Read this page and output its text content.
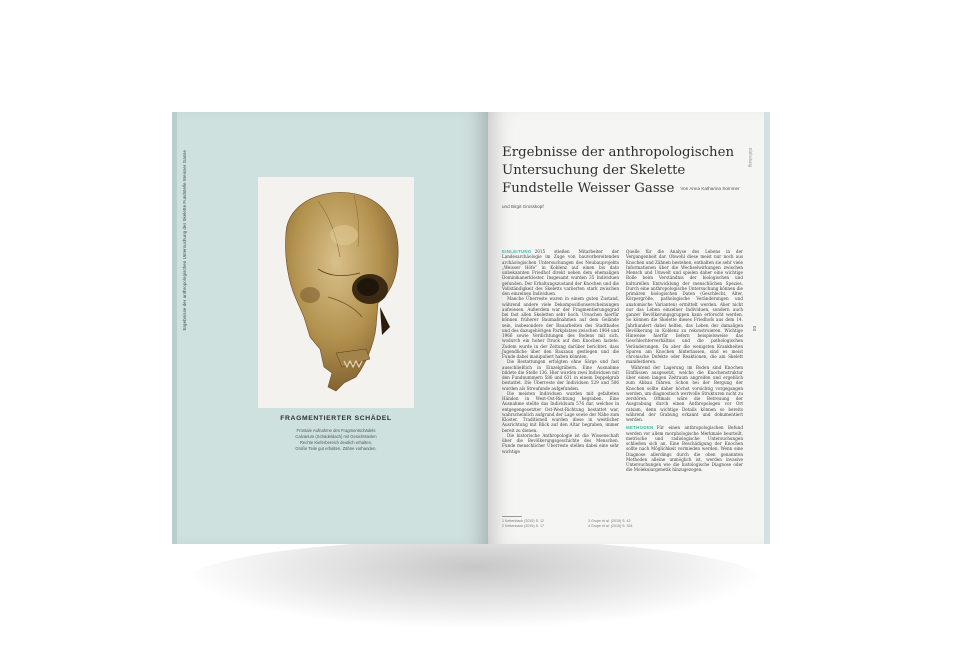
Ergebnisse der anthropologischen Untersuchung der Skelette Fundstelle Weisser Gasse
FRAGMENTIERTER SCHÄDEL
Frontale Aufnahme des Fragmentschädels
Calvarium (Schädeldach) mit Gesichtsteilen
Rechte Kieferbereich deutlich erhalten,
Große Teile gut erhalten, Zähne vorhanden.
Ergebnisse der anthropologischen Untersuchung der Skelette Fundstelle Weisser Gasse Von Anna Katharina Sommer und Birgit Grosskopf
Einleitung
03

EINLEITUNG 2015 stießen Mitarbeiter der Landesarchäologie im Zuge von bauvorbereitenden archäologischen Untersuchungen des Neubauprojekts „Weisser Höfe“ in Koblenz auf einen bis dato unbekannten Friedhof direkt neben dem ehemaligen Dominikanerkloster. Insgesamt wurden 35 Individuen gefunden. Der Erhaltungszustand der Knochen und die Vollständigkeit des Skeletts variierten stark zwischen den einzelnen Individuen.

Manche Überreste waren in einem guten Zustand, während andere viele Dekompositionserscheinungen aufwiesen. Außerdem war der Fragmentierungsgrad bei fast allen Skeletten sehr hoch. Ursachen hierfür können früherer Baumaßnahmen auf dem Gelände sein, insbesondere der Bauarbeiten des Stadtbades und des dazugehörigen Parkplatzes zwischen 1964 und 1966 sowie Verdichtungen des Bodens mit sich, wodurch ein hoher Druck auf den Knochen lastete. Zudem wurde in der Zeitung darüber berichtet, dass Jugendliche über den Bauzaun gestiegen und die Funde dabei manipuliert haben könnten.

Die Bestattungen erfolgten ohne Särge und fast ausschließlich in Einzelgräbern. Eine Ausnahme bildete die Stelle 136. Hier wurden zwei Individuen mit den Fundnummern 586 und 631 in einem Doppelgrab bestattet. Die Überreste der Individuen 529 und 506 wurden als Streufunde aufgefunden.

Die meisten Individuen wurden mit gefalteten Händen in West-Ost-Richtung begraben. Eine Ausnahme stellte das Individuum 576 dar, welches in entgegengesetzter Ost-West-Richtung bestattet war, wahrscheinlich aufgrund der Lage sowie der Nähe zum Kloster. Traditionell wurden diese in westlicher Ausrichtung mit Blick auf den Altar begraben, immer bereit zu dienen.

Die historische Anthropologie ist die Wissenschaft über die Bevölkerungsgeschichte des Menschen. Funde menschlicher Überreste stellen dabei eine sehr wichtige

Quelle für die Analyse des Lebens in der Vergangenheit dar. Obwohl diese meist nur noch aus Knochen und Zähnen bestehen, enthalten sie sehr viele Informationen über die Wechselwirkungen zwischen Mensch und Umwelt und spielen daher eine wichtige Rolle beim Verständnis der biologischen und kulturellen Entwicklung der menschlichen Spezies. Durch eine anthropologische Untersuchung können die primären biologischen Daten (Geschlecht, Alter, Körpergröße, pathologische Veränderungen und anatomische Varianten) ermittelt werden. Aber nicht nur das Leben einzelner Individuen, sondern auch ganzer Bevölkerungsgruppen kann erforscht werden. So können die Skelette dieses Friedhofs aus dem 14. Jahrhundert dabei helfen, das Leben der damaligen Bevölkerung in Koblenz zu rekonstruieren. Wichtige Hinweise hierfür liefern beispielsweise das Geschlechterverhältnis und die pathologischen Veränderungen. Da aber die wenigsten Krankheiten Spuren am Knochen hinterlassen, sind es meist chronische Defekte oder Reaktionen, die am Skelett manifestieren.

Während der Lagerung im Boden sind Knochen Einflüssen ausgesetzt, welche die Knochenstruktur über einen langen Zeitraum angreifen und ergeblich zum Abbau führen. Schon bei der Bergung der Knochen sollte daher höchst vorsichtig vorgegangen werden, um diagnostisch wertvolle Strukturen nicht zu zerstören. Oftmals wäre die Betreuung der Ausgrabung durch einen Anthropologen vor Ort ratsam, denn wichtige Details können so bereits während der Grabung erkannt und dokumentiert werden.

METHODEN Für einen anthropologischen Befund werden vor allem morphologische Merkmale beurteilt, metrische und radiologische Untersuchungen schließen sich an. Eine Beschädigung der Knochen sollte nach Möglichkeit vermieden werden. Wenn eine Diagnose allerdings durch die oben genannten Methoden alleine unmöglich ist, werden invasive Untersuchungen wie die histologische Diagnose oder die Molekulargenetik hinzugezogen.

1 Kettenbach (2015) S. 12
2 Kettenbach (2015) S. 17
3 Grupe et al. (2015) S. 42
4 Grupe et al. (2015) S. 334
